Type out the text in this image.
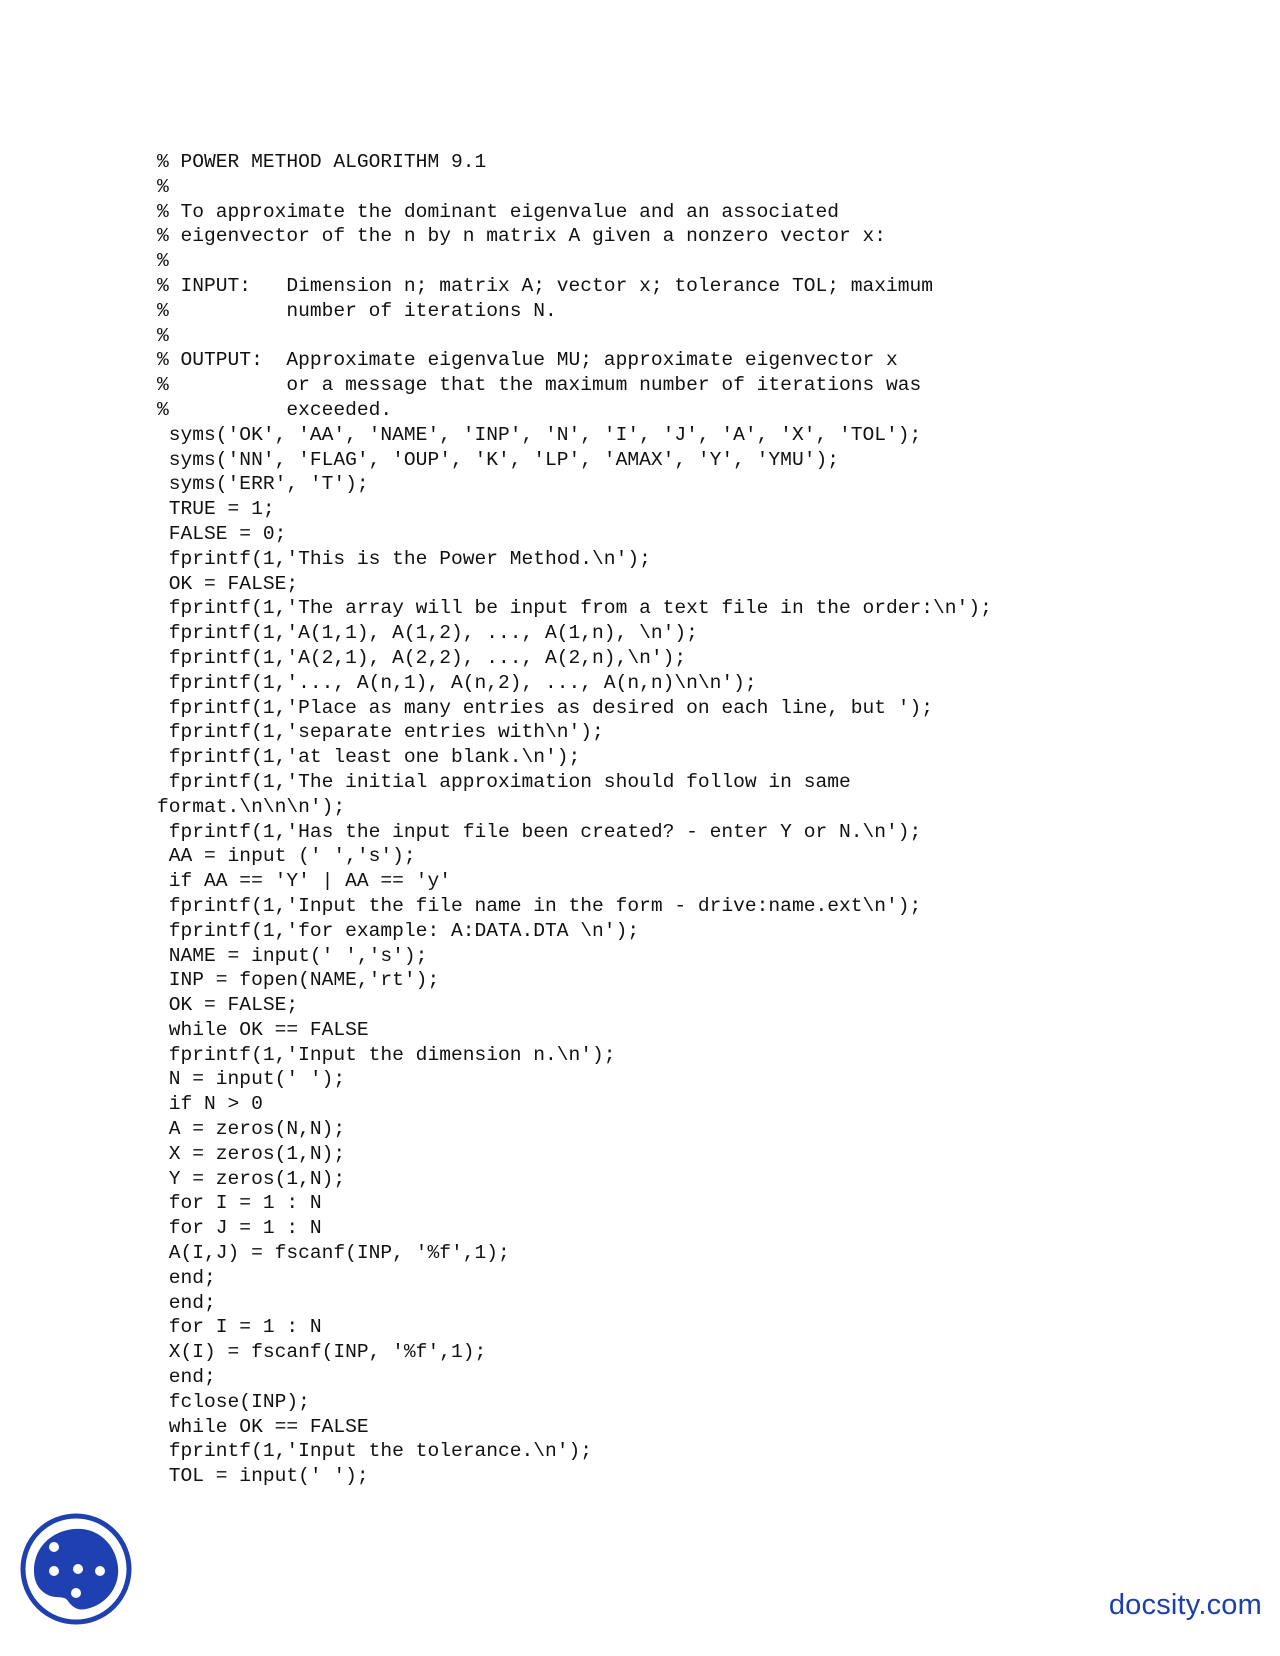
% POWER METHOD ALGORITHM 9.1
%
% To approximate the dominant eigenvalue and an associated
% eigenvector of the n by n matrix A given a nonzero vector x:
%
% INPUT:   Dimension n; matrix A; vector x; tolerance TOL; maximum
%          number of iterations N.
%
% OUTPUT:  Approximate eigenvalue MU; approximate eigenvector x
%          or a message that the maximum number of iterations was
%          exceeded.
syms('OK', 'AA', 'NAME', 'INP', 'N', 'I', 'J', 'A', 'X', 'TOL');
syms('NN', 'FLAG', 'OUP', 'K', 'LP', 'AMAX', 'Y', 'YMU');
syms('ERR', 'T');
TRUE = 1;
FALSE = 0;
fprintf(1,'This is the Power Method.\n');
OK = FALSE;
fprintf(1,'The array will be input from a text file in the order:\n');
fprintf(1,'A(1,1), A(1,2), ..., A(1,n), \n');
fprintf(1,'A(2,1), A(2,2), ..., A(2,n),\n');
fprintf(1,'..., A(n,1), A(n,2), ..., A(n,n)\n\n');
fprintf(1,'Place as many entries as desired on each line, but ');
fprintf(1,'separate entries with\n');
fprintf(1,'at least one blank.\n');
fprintf(1,'The initial approximation should follow in same
format.\n\n\n');
fprintf(1,'Has the input file been created? - enter Y or N.\n');
AA = input (' ','s');
if AA == 'Y' | AA == 'y'
fprintf(1,'Input the file name in the form - drive:name.ext\n');
fprintf(1,'for example: A:DATA.DTA \n');
NAME = input(' ','s');
INP = fopen(NAME,'rt');
OK = FALSE;
while OK == FALSE
fprintf(1,'Input the dimension n.\n');
N = input(' ');
if N > 0
A = zeros(N,N);
X = zeros(1,N);
Y = zeros(1,N);
for I = 1 : N
for J = 1 : N
A(I,J) = fscanf(INP, '%f',1);
end;
end;
for I = 1 : N
X(I) = fscanf(INP, '%f',1);
end;
fclose(INP);
while OK == FALSE
fprintf(1,'Input the tolerance.\n');
TOL = input(' ');
docsity.com
